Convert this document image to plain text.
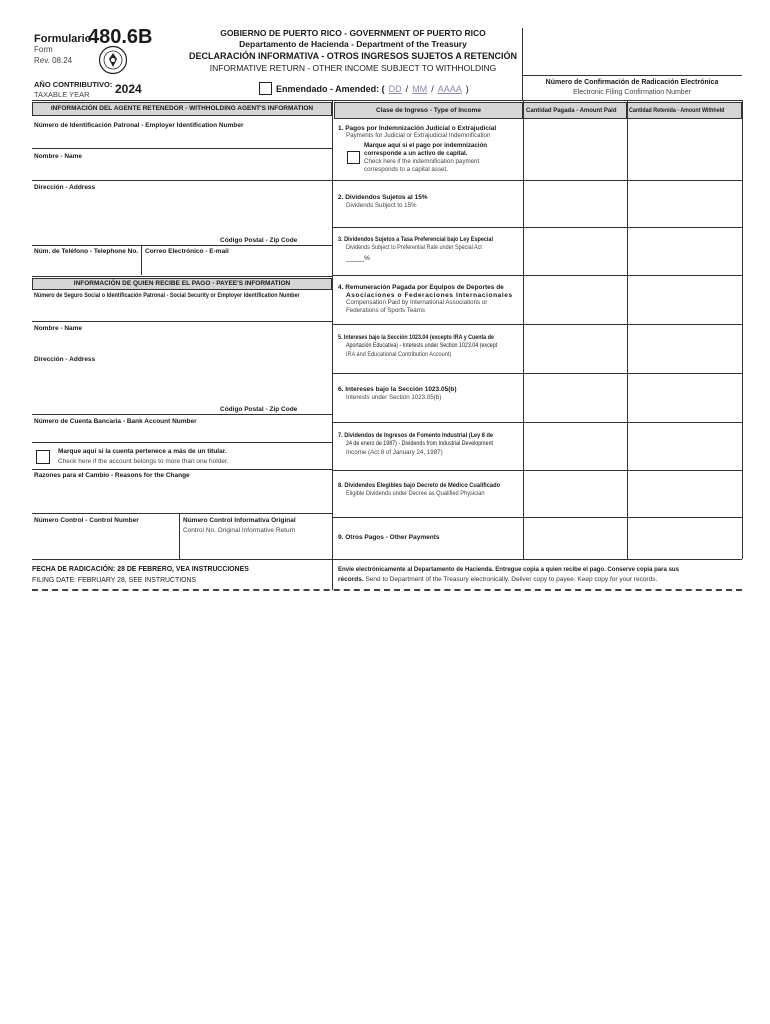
Formulario
480.6B
Form
Rev. 08.24
GOBIERNO DE PUERTO RICO - GOVERNMENT OF PUERTO RICO
Departamento de Hacienda - Department of the Treasury
DECLARACIÓN INFORMATIVA - OTROS INGRESOS SUJETOS A RETENCIÓN
INFORMATIVE RETURN - OTHER INCOME SUBJECT TO WITHHOLDING
AÑO CONTRIBUTIVO:
TAXABLE YEAR 2024	Enmendado - Amended: ( DD / MM / AAAA )
Número de Confirmación de Radicación Electrónica
Electronic Filing Confirmation Number
INFORMACIÓN DEL AGENTE RETENEDOR - WITHHOLDING AGENT'S INFORMATION
Número de Identificación Patronal - Employer Identification Number
Nombre - Name
Dirección - Address
Código Postal - Zip Code
Núm. de Teléfono - Telephone No. Correo Electrónico - E-mail
INFORMACIÓN DE QUIEN RECIBE EL PAGO - PAYEE'S INFORMATION
Número de Seguro Social o Identificación Patronal - Social Security or Employer Identification Number
Nombre - Name
Dirección - Address
Código Postal - Zip Code
Número de Cuenta Bancaria - Bank Account Number
Marque aquí si la cuenta pertenece a más de un titular.
Check here if the account belongs to more than one holder.
Razones para el Cambio - Reasons for the Change
Número Control - Control Number	Número Control Informativa Original
Control No. Original Informative Return
Clase de Ingreso - Type of Income	Cantidad Pagada - Amount Paid	Cantidad Retenida - Amount Withheld
1. Pagos por Indemnización Judicial o Extrajudicial
Payments for Judicial or Extrajudicial Indemnification
Marque aquí si el pago por indemnización
corresponde a un activo de capital.
Check here if the indemnification payment
corresponds to a capital asset.
2. Dividendos Sujetos al 15%
Dividends Subject to 15%
3. Dividendos Sujetos a Tasa Preferencial bajo Ley Especial
Dividends Subject to Preferential Rate under Special Act
_____%
4. Remuneración Pagada por Equipos de Deportes de
Asociaciones o Federaciones Internacionales
Compensation Paid by International Associations or
Federations of Sports Teams
5. Intereses bajo la Sección 1023.04 (excepto IRA y Cuenta de
Aportación Educativa) - Interests under Section 1023.04 (except
IRA and Educational Contribution Account)
6. Intereses bajo la Sección 1023.05(b)
Interests under Section 1023.05(b)
7. Dividendos de Ingresos de Fomento Industrial (Ley 8 de
24 de enero de 1987) - Dividends from Industrial Development
Income (Act 8 of January 24, 1987)
8. Dividendos Elegibles bajo Decreto de Médico Cualificado
Eligible Dividends under Decree as Qualified Physician
9. Otros Pagos - Other Payments
FECHA DE RADICACIÓN: 28 DE FEBRERO, VEA INSTRUCCIONES
FILING DATE: FEBRUARY 28, SEE INSTRUCTIONS
Envíe electrónicamente al Departamento de Hacienda. Entregue copia a quien recibe el pago. Conserve copia para sus
récords. Send to Department of the Treasury electronically. Deliver copy to payee. Keep copy for your records.
